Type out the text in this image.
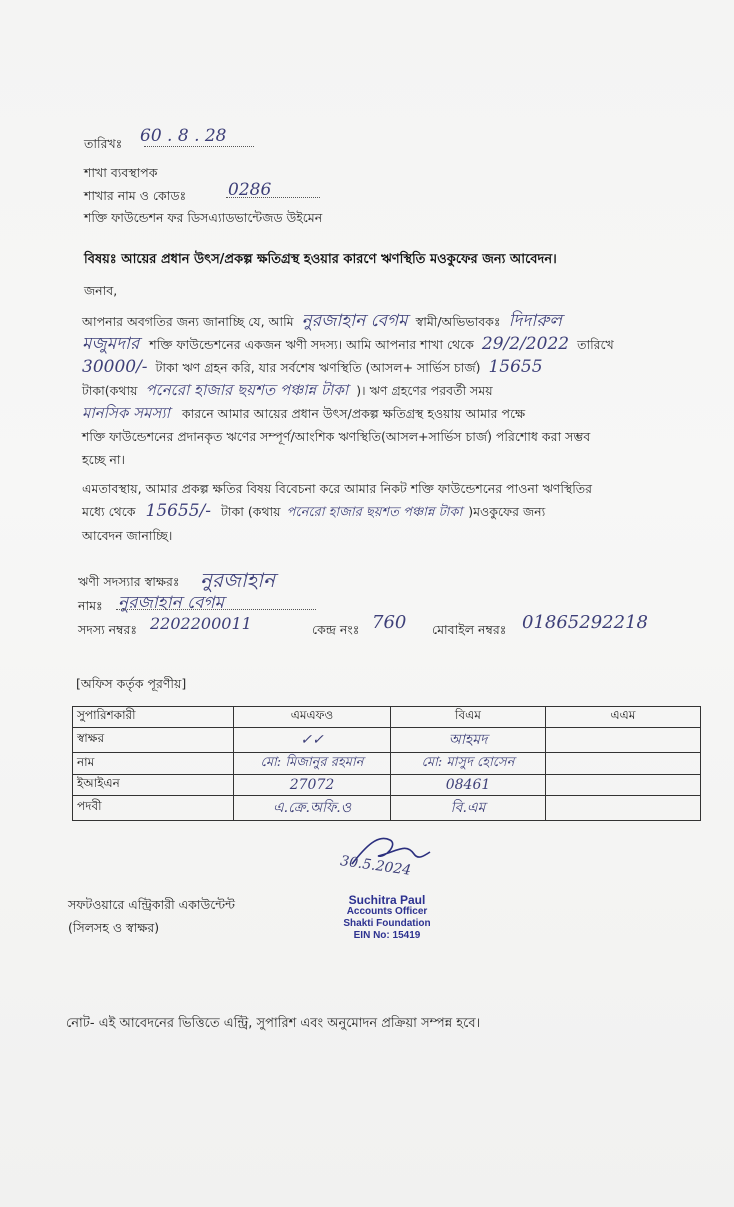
তারিখঃ 60 . 8 . 28
শাখা ব্যবস্থাপক
শাখার নাম ও কোডঃ 0286
শক্তি ফাউন্ডেশন ফর ডিসএ্যাডভান্টেজড উইমেন
বিষয়ঃ আয়ের প্রধান উৎস/প্রকল্প ক্ষতিগ্রস্থ হওয়ার কারণে ঋণস্থিতি মওকুফের জন্য আবেদন।
জনাব,

আপনার অবগতির জন্য জানাচ্ছি যে, আমি নুরজাহান বেগম স্বামী/অভিভাবকঃ দিদারুল

মজুমদার শক্তি ফাউন্ডেশনের একজন ঋণী সদস্য। আমি আপনার শাখা থেকে 29/2/2022 তারিখে

30000/- টাকা ঋণ গ্রহন করি, যার সর্বশেষ ঋণস্থিতি (আসল+ সার্ভিস চার্জ) 15655

টাকা(কথায় পনেরো হাজার ছয়শত পঞ্চান্ন টাকা )। ঋণ গ্রহণের পরবর্তী সময়

মানসিক সমস্যা কারনে আমার আয়ের প্রধান উৎস/প্রকল্প ক্ষতিগ্রস্থ হওয়ায় আমার পক্ষে

শক্তি ফাউন্ডেশনের প্রদানকৃত ঋণের সম্পূর্ণ/আংশিক ঋণস্থিতি(আসল+সার্ভিস চার্জ) পরিশোধ করা সম্ভব

হচ্ছে না।

এমতাবস্থায়, আমার প্রকল্প ক্ষতির বিষয় বিবেচনা করে আমার নিকট শক্তি ফাউন্ডেশনের পাওনা ঋণস্থিতির

মধ্যে থেকে 15655/- টাকা (কথায় পনেরো হাজার ছয়শত পঞ্চান্ন টাকা )মওকুফের জন্য

আবেদন জানাচ্ছি।

ঋণী সদস্যার স্বাক্ষরঃ নুরজাহান
নামঃ নুরজাহান বেগম
সদস্য নম্বরঃ 2202200011	কেন্দ্র নংঃ 760 মোবাইল নম্বরঃ 01865292218
[অফিস কর্তৃক পূরণীয়]
সুপারিশকারী	এমএফও	বিএম	এএম
স্বাক্ষর	✓✓	আহমদ	
নাম	মো: মিজানুর রহমান	মো: মাসুদ হোসেন	
ইআইএন	27072	08461	
পদবী	এ.ক্রে.অফি.ও	বি.এম	
সফটওয়ারে এন্ট্রিকারী একাউন্টেন্ট
(সিলসহ ও স্বাক্ষর)
30.5.2024
Suchitra Paul
Accounts Officer
Shakti Foundation
EIN No: 15419
নোট- এই আবেদনের ভিত্তিতে এন্ট্রি, সুপারিশ এবং অনুমোদন প্রক্রিয়া সম্পন্ন হবে।
